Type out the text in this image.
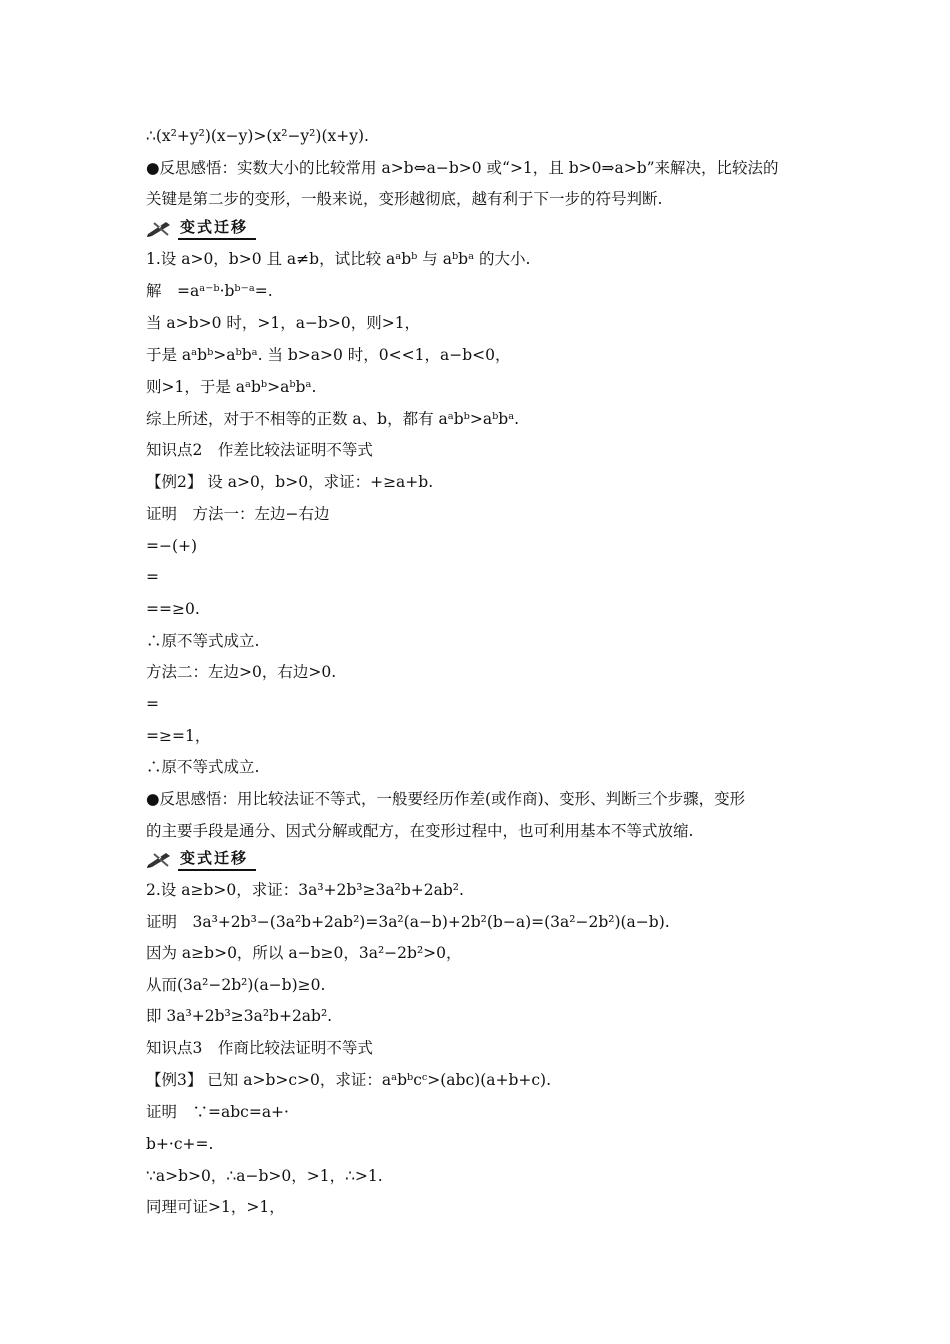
∴(x²+y²)(x−y)>(x²−y²)(x+y).
●反思感悟：实数大小的比较常用 a>b⇔a−b>0 或“>1，且 b>0⇒a>b”来解决，比较法的
关键是第二步的变形，一般来说，变形越彻底，越有利于下一步的符号判断.
变式迁移
1.设 a>0，b>0 且 a≠b，试比较 aᵃbᵇ 与 aᵇbᵃ 的大小.
解　=aᵃ⁻ᵇ·bᵇ⁻ᵃ=.
当 a>b>0 时，>1，a−b>0，则>1，
于是 aᵃbᵇ>aᵇbᵃ. 当 b>a>0 时，0<<1，a−b<0，
则>1，于是 aᵃbᵇ>aᵇbᵃ.
综上所述，对于不相等的正数 a、b，都有 aᵃbᵇ>aᵇbᵃ.
知识点2　作差比较法证明不等式
【例2】 设 a>0，b>0，求证：+≥a+b.
证明　方法一：左边−右边
=−(+)
=
==≥0.
∴原不等式成立.
方法二：左边>0，右边>0.
=
=≥=1，
∴原不等式成立.
●反思感悟：用比较法证不等式，一般要经历作差(或作商)、变形、判断三个步骤，变形
的主要手段是通分、因式分解或配方，在变形过程中，也可利用基本不等式放缩.
变式迁移
2.设 a≥b>0，求证：3a³+2b³≥3a²b+2ab².
证明　3a³+2b³−(3a²b+2ab²)=3a²(a−b)+2b²(b−a)=(3a²−2b²)(a−b).
因为 a≥b>0，所以 a−b≥0，3a²−2b²>0，
从而(3a²−2b²)(a−b)≥0.
即 3a³+2b³≥3a²b+2ab².
知识点3　作商比较法证明不等式
【例3】 已知 a>b>c>0，求证：aᵃbᵇcᶜ>(abc)(a+b+c).
证明　∵=abc=a+·
b+·c+=.
∵a>b>0，∴a−b>0，>1，∴>1.
同理可证>1，>1，
